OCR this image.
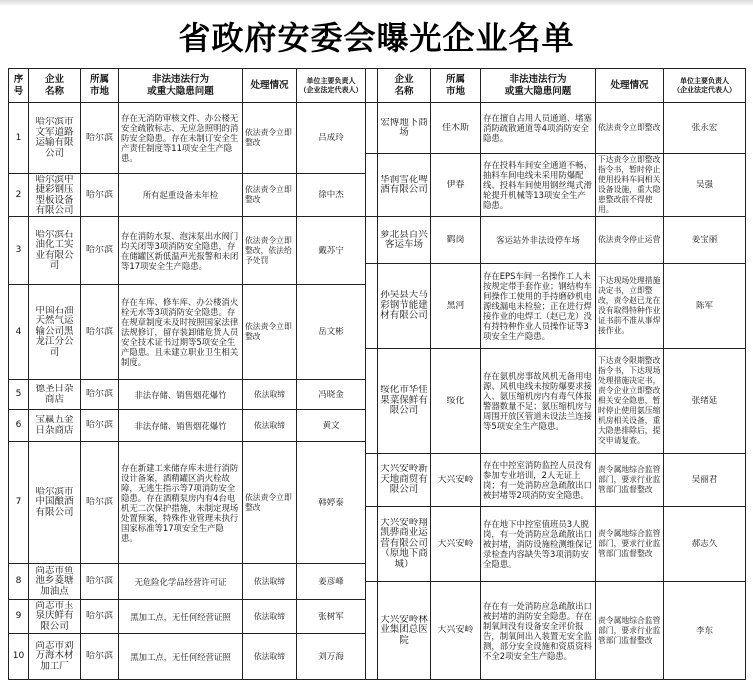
省政府安委会曝光企业名单
序
号	企业
名称	所属
市地	非法违法行为
或重大隐患问题	处理情况	单位主要负责人
（企业法定代表人）

1	哈尔滨市文军道路运输有限公司	哈尔滨	存在无消防审核文件、办公楼无安全疏散标志、无应急照明的消防安全隐患。存在未制订安全生产责任制度等11项安全生产隐患。	依法责令立即整改	吕成玲

2	哈尔滨中捷彩钢压型板设备有限公司	哈尔滨	所有起重设备未年检	依法责令立即整改	徐中杰

3	哈尔滨石油化工实业有限公司	哈尔滨	存在消防水泵、泡沫泵出水阀门均关闭等3项消防安全隐患，存在储罐区新低温声光报警和未闭等17项安全生产隐患。	依法责令立即整改，依法给予处罚	戴苏宁

4	中国石油天然气运输公司黑龙江分公司	哈尔滨	存在车库、修车库、办公楼消火栓无水等3项消防安全隐患。存在规章制度未及时按照国家法律法规修订，留存装卸储危货人员安全技术证书过期等5项安全生产隐患。且未建立职业卫生相关制度。	依法责令立即整改	岳文彬

5	德圣日杂商店	哈尔滨	非法存储、销售烟花爆竹	依法取缔	冯晓金

6	宝赢五金日杂商店	哈尔滨	非法存储、销售烟花爆竹	依法取缔	黄文

7	哈尔滨市中国酿酒有限公司	哈尔滨	存在新建工来储存库未进行消防设计备案，酒精罐区消火栓故障，无逃生指示等7项消防安全隐患。存在酒精泵房内有4台电机无二次保护措施，未制定现场处置预案，特殊作业管理未执行国家标准等17项安全生产隐患。	依法责令立即整改	韩婷泰

8	尚志市鱼池乡菱塘加油点	哈尔滨	无危险化学品经营许可证	依法取缔	姜彦峰

9	尚志市玉泉庆鲜有限公司	哈尔滨	黑加工点，无任何经营证照	依法取缔	张树军

10	尚志市刘万海木材加工厂	哈尔滨	黑加工点，无任何经营证照	依法取缔	刘万海
	企业
名称	所属
市地	非法违法行为
或重大隐患问题	处理情况	单位主要负责人
（企业法定代表人）

	宏博地下商场	佳木斯	存在擅自占用人员通道、堵塞消防疏散通道等4项消防安全隐患。	依法责令立即整改	张永宏

	华润雪花啤酒有限公司	伊春	存在投料车间安全通道不畅、抽料车间电线未采用防爆配线、投料车间使用钢丝绳式滑轮提升机械等13项安全生产隐患。	下达责令立即整改指令书，暂时停止使用投料车间相关设备设施，重大隐患整改前不得使用。	吴强

	萝北县百兴客运车场	鹤岗	客运站外非法设停车场	依法责令停止运营	姜宝丽

	孙吴县天马彩钢节能建材有限公司	黑河	存在EPS车间一名操作工人未按规定带手套作业；钢结构车间操作工使用的手持磨砂机电源线漏电未检验；正在进行焊接作业的电焊工（赵已龙）没有持特种作业人员操作证等3项安全生产隐患。	下达现场处理措施决定书，立即整改，责令赵已龙在没有取得特种作业证书前不准从事焊接作业。	陈军

	绥化市华佳果菜保鲜有限公司	绥化	存在氨机房事故风机无备用电源、风机电线未按防爆要求接入、氨压缩机房内有毒气体报警器数量不足；氨压缩机房与周围开放区管道未设法兰连接等5项安全生产隐患。	下达责令限期整改指令书，下达现场处理措施决定书，责令企业立即整改相关安全隐患，暂时停止使用氨压缩机房相关设备，重大隐患排除后，提交申请复查。	张绪延

	大兴安岭新天地商贸有限公司	大兴安岭	存在中控室消防监控人员没有参加专业培训，2人无证上岗；有一处消防应急疏散出口被封堵等2项消防安全隐患。	责令属地综合监管部门，要求行业监管部门监督整改	吴丽君

	大兴安岭翔凯骅商业运营有限公司（原地下商城）	大兴安岭	存在地下中控室值班员3人脱岗，有一处消防应急疏散出口被封堵，消防设施检测维保记录检查内容缺失等3项消防安全隐患。	责令属地综合监管部门，要求行业监管部门监督整改	郝志久

	大兴安岭林业集团总医院	大兴安岭	存在有一处消防应急疏散出口被封堵的消防安全隐患。存在制氧间没有设备安全评价报告，制氧间出入装置无安全监测，部分安全设施和资质资料不全2项安全生产隐患。	责令属地综合监管部门，要求行业监管部门监督整改	李东
